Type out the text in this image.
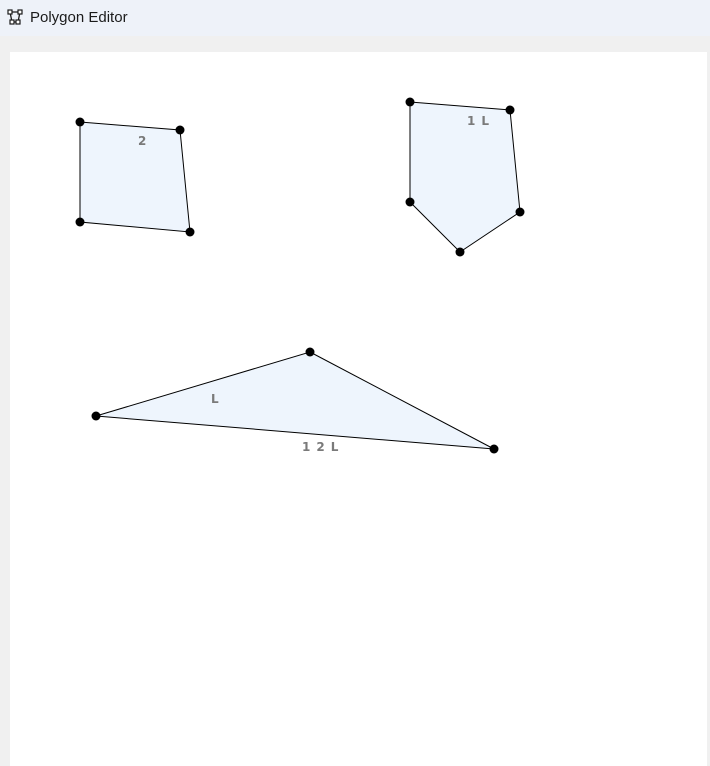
Polygon Editor
2
1 L
L
1 2 L
